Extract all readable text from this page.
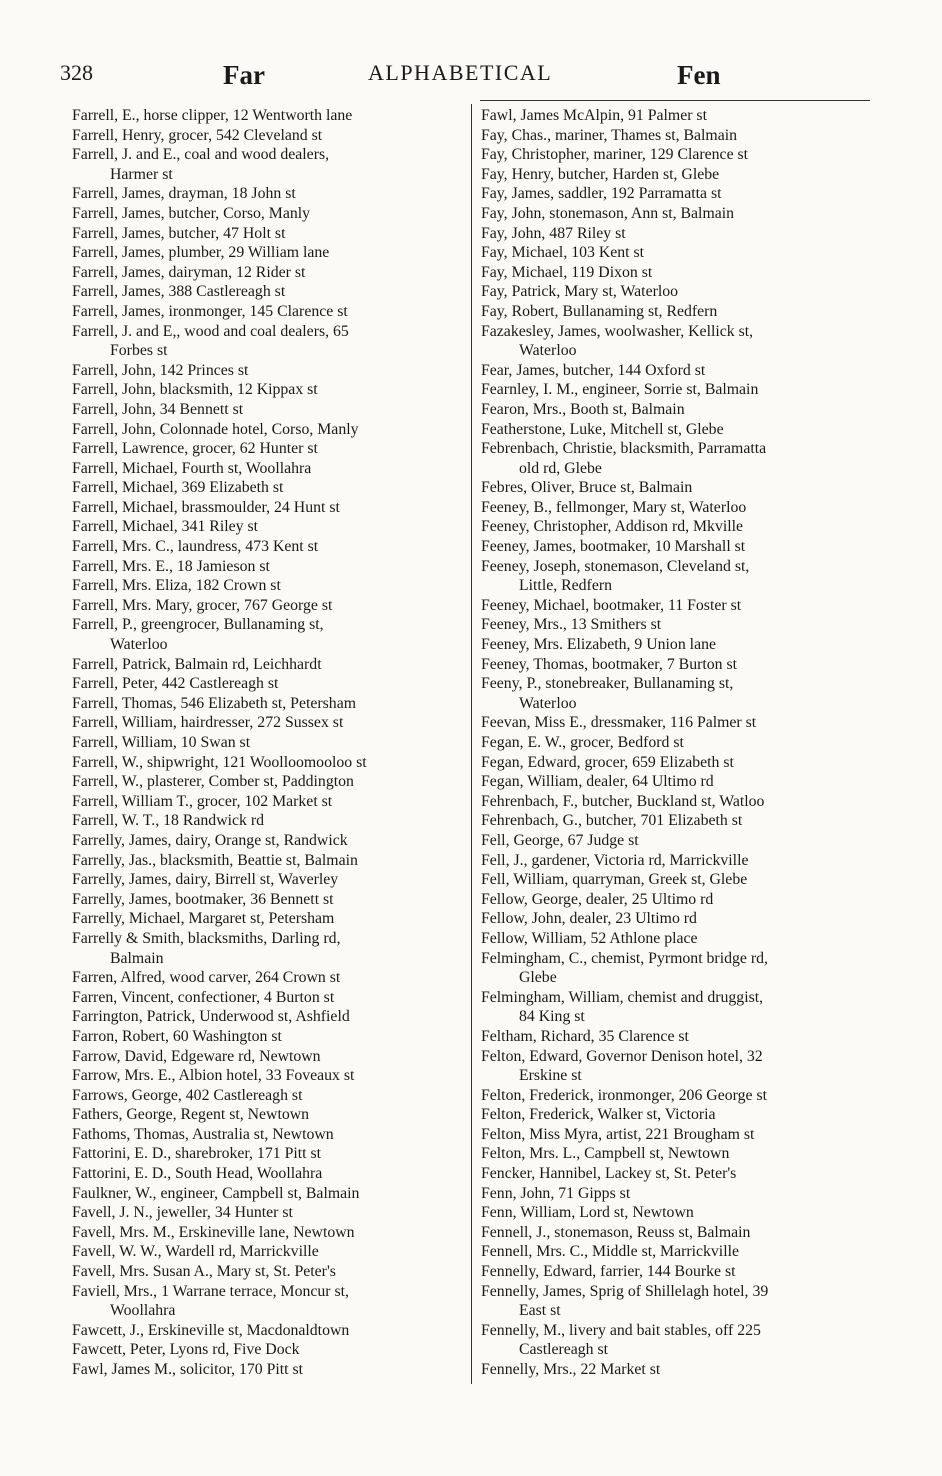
328	Far	ALPHABETICAL	Fen
Farrell, E., horse clipper, 12 Wentworth lane
Farrell, Henry, grocer, 542 Cleveland st
Farrell, J. and E., coal and wood dealers,
Harmer st
Farrell, James, drayman, 18 John st
Farrell, James, butcher, Corso, Manly
Farrell, James, butcher, 47 Holt st
Farrell, James, plumber, 29 William lane
Farrell, James, dairyman, 12 Rider st
Farrell, James, 388 Castlereagh st
Farrell, James, ironmonger, 145 Clarence st
Farrell, J. and E,, wood and coal dealers, 65
Forbes st
Farrell, John, 142 Princes st
Farrell, John, blacksmith, 12 Kippax st
Farrell, John, 34 Bennett st
Farrell, John, Colonnade hotel, Corso, Manly
Farrell, Lawrence, grocer, 62 Hunter st
Farrell, Michael, Fourth st, Woollahra
Farrell, Michael, 369 Elizabeth st
Farrell, Michael, brassmoulder, 24 Hunt st
Farrell, Michael, 341 Riley st
Farrell, Mrs. C., laundress, 473 Kent st
Farrell, Mrs. E., 18 Jamieson st
Farrell, Mrs. Eliza, 182 Crown st
Farrell, Mrs. Mary, grocer, 767 George st
Farrell, P., greengrocer, Bullanaming st,
Waterloo
Farrell, Patrick, Balmain rd, Leichhardt
Farrell, Peter, 442 Castlereagh st
Farrell, Thomas, 546 Elizabeth st, Petersham
Farrell, William, hairdresser, 272 Sussex st
Farrell, William, 10 Swan st
Farrell, W., shipwright, 121 Woolloomooloo st
Farrell, W., plasterer, Comber st, Paddington
Farrell, William T., grocer, 102 Market st
Farrell, W. T., 18 Randwick rd
Farrelly, James, dairy, Orange st, Randwick
Farrelly, Jas., blacksmith, Beattie st, Balmain
Farrelly, James, dairy, Birrell st, Waverley
Farrelly, James, bootmaker, 36 Bennett st
Farrelly, Michael, Margaret st, Petersham
Farrelly & Smith, blacksmiths, Darling rd,
Balmain
Farren, Alfred, wood carver, 264 Crown st
Farren, Vincent, confectioner, 4 Burton st
Farrington, Patrick, Underwood st, Ashfield
Farron, Robert, 60 Washington st
Farrow, David, Edgeware rd, Newtown
Farrow, Mrs. E., Albion hotel, 33 Foveaux st
Farrows, George, 402 Castlereagh st
Fathers, George, Regent st, Newtown
Fathoms, Thomas, Australia st, Newtown
Fattorini, E. D., sharebroker, 171 Pitt st
Fattorini, E. D., South Head, Woollahra
Faulkner, W., engineer, Campbell st, Balmain
Favell, J. N., jeweller, 34 Hunter st
Favell, Mrs. M., Erskineville lane, Newtown
Favell, W. W., Wardell rd, Marrickville
Favell, Mrs. Susan A., Mary st, St. Peter's
Faviell, Mrs., 1 Warrane terrace, Moncur st,
Woollahra
Fawcett, J., Erskineville st, Macdonaldtown
Fawcett, Peter, Lyons rd, Five Dock
Fawl, James M., solicitor, 170 Pitt st
Fawl, James McAlpin, 91 Palmer st
Fay, Chas., mariner, Thames st, Balmain
Fay, Christopher, mariner, 129 Clarence st
Fay, Henry, butcher, Harden st, Glebe
Fay, James, saddler, 192 Parramatta st
Fay, John, stonemason, Ann st, Balmain
Fay, John, 487 Riley st
Fay, Michael, 103 Kent st
Fay, Michael, 119 Dixon st
Fay, Patrick, Mary st, Waterloo
Fay, Robert, Bullanaming st, Redfern
Fazakesley, James, woolwasher, Kellick st,
Waterloo
Fear, James, butcher, 144 Oxford st
Fearnley, I. M., engineer, Sorrie st, Balmain
Fearon, Mrs., Booth st, Balmain
Featherstone, Luke, Mitchell st, Glebe
Febrenbach, Christie, blacksmith, Parramatta
old rd, Glebe
Febres, Oliver, Bruce st, Balmain
Feeney, B., fellmonger, Mary st, Waterloo
Feeney, Christopher, Addison rd, Mkville
Feeney, James, bootmaker, 10 Marshall st
Feeney, Joseph, stonemason, Cleveland st,
Little, Redfern
Feeney, Michael, bootmaker, 11 Foster st
Feeney, Mrs., 13 Smithers st
Feeney, Mrs. Elizabeth, 9 Union lane
Feeney, Thomas, bootmaker, 7 Burton st
Feeny, P., stonebreaker, Bullanaming st,
Waterloo
Feevan, Miss E., dressmaker, 116 Palmer st
Fegan, E. W., grocer, Bedford st
Fegan, Edward, grocer, 659 Elizabeth st
Fegan, William, dealer, 64 Ultimo rd
Fehrenbach, F., butcher, Buckland st, Watloo
Fehrenbach, G., butcher, 701 Elizabeth st
Fell, George, 67 Judge st
Fell, J., gardener, Victoria rd, Marrickville
Fell, William, quarryman, Greek st, Glebe
Fellow, George, dealer, 25 Ultimo rd
Fellow, John, dealer, 23 Ultimo rd
Fellow, William, 52 Athlone place
Felmingham, C., chemist, Pyrmont bridge rd,
Glebe
Felmingham, William, chemist and druggist,
84 King st
Feltham, Richard, 35 Clarence st
Felton, Edward, Governor Denison hotel, 32
Erskine st
Felton, Frederick, ironmonger, 206 George st
Felton, Frederick, Walker st, Victoria
Felton, Miss Myra, artist, 221 Brougham st
Felton, Mrs. L., Campbell st, Newtown
Fencker, Hannibel, Lackey st, St. Peter's
Fenn, John, 71 Gipps st
Fenn, William, Lord st, Newtown
Fennell, J., stonemason, Reuss st, Balmain
Fennell, Mrs. C., Middle st, Marrickville
Fennelly, Edward, farrier, 144 Bourke st
Fennelly, James, Sprig of Shillelagh hotel, 39
East st
Fennelly, M., livery and bait stables, off 225
Castlereagh st
Fennelly, Mrs., 22 Market st
